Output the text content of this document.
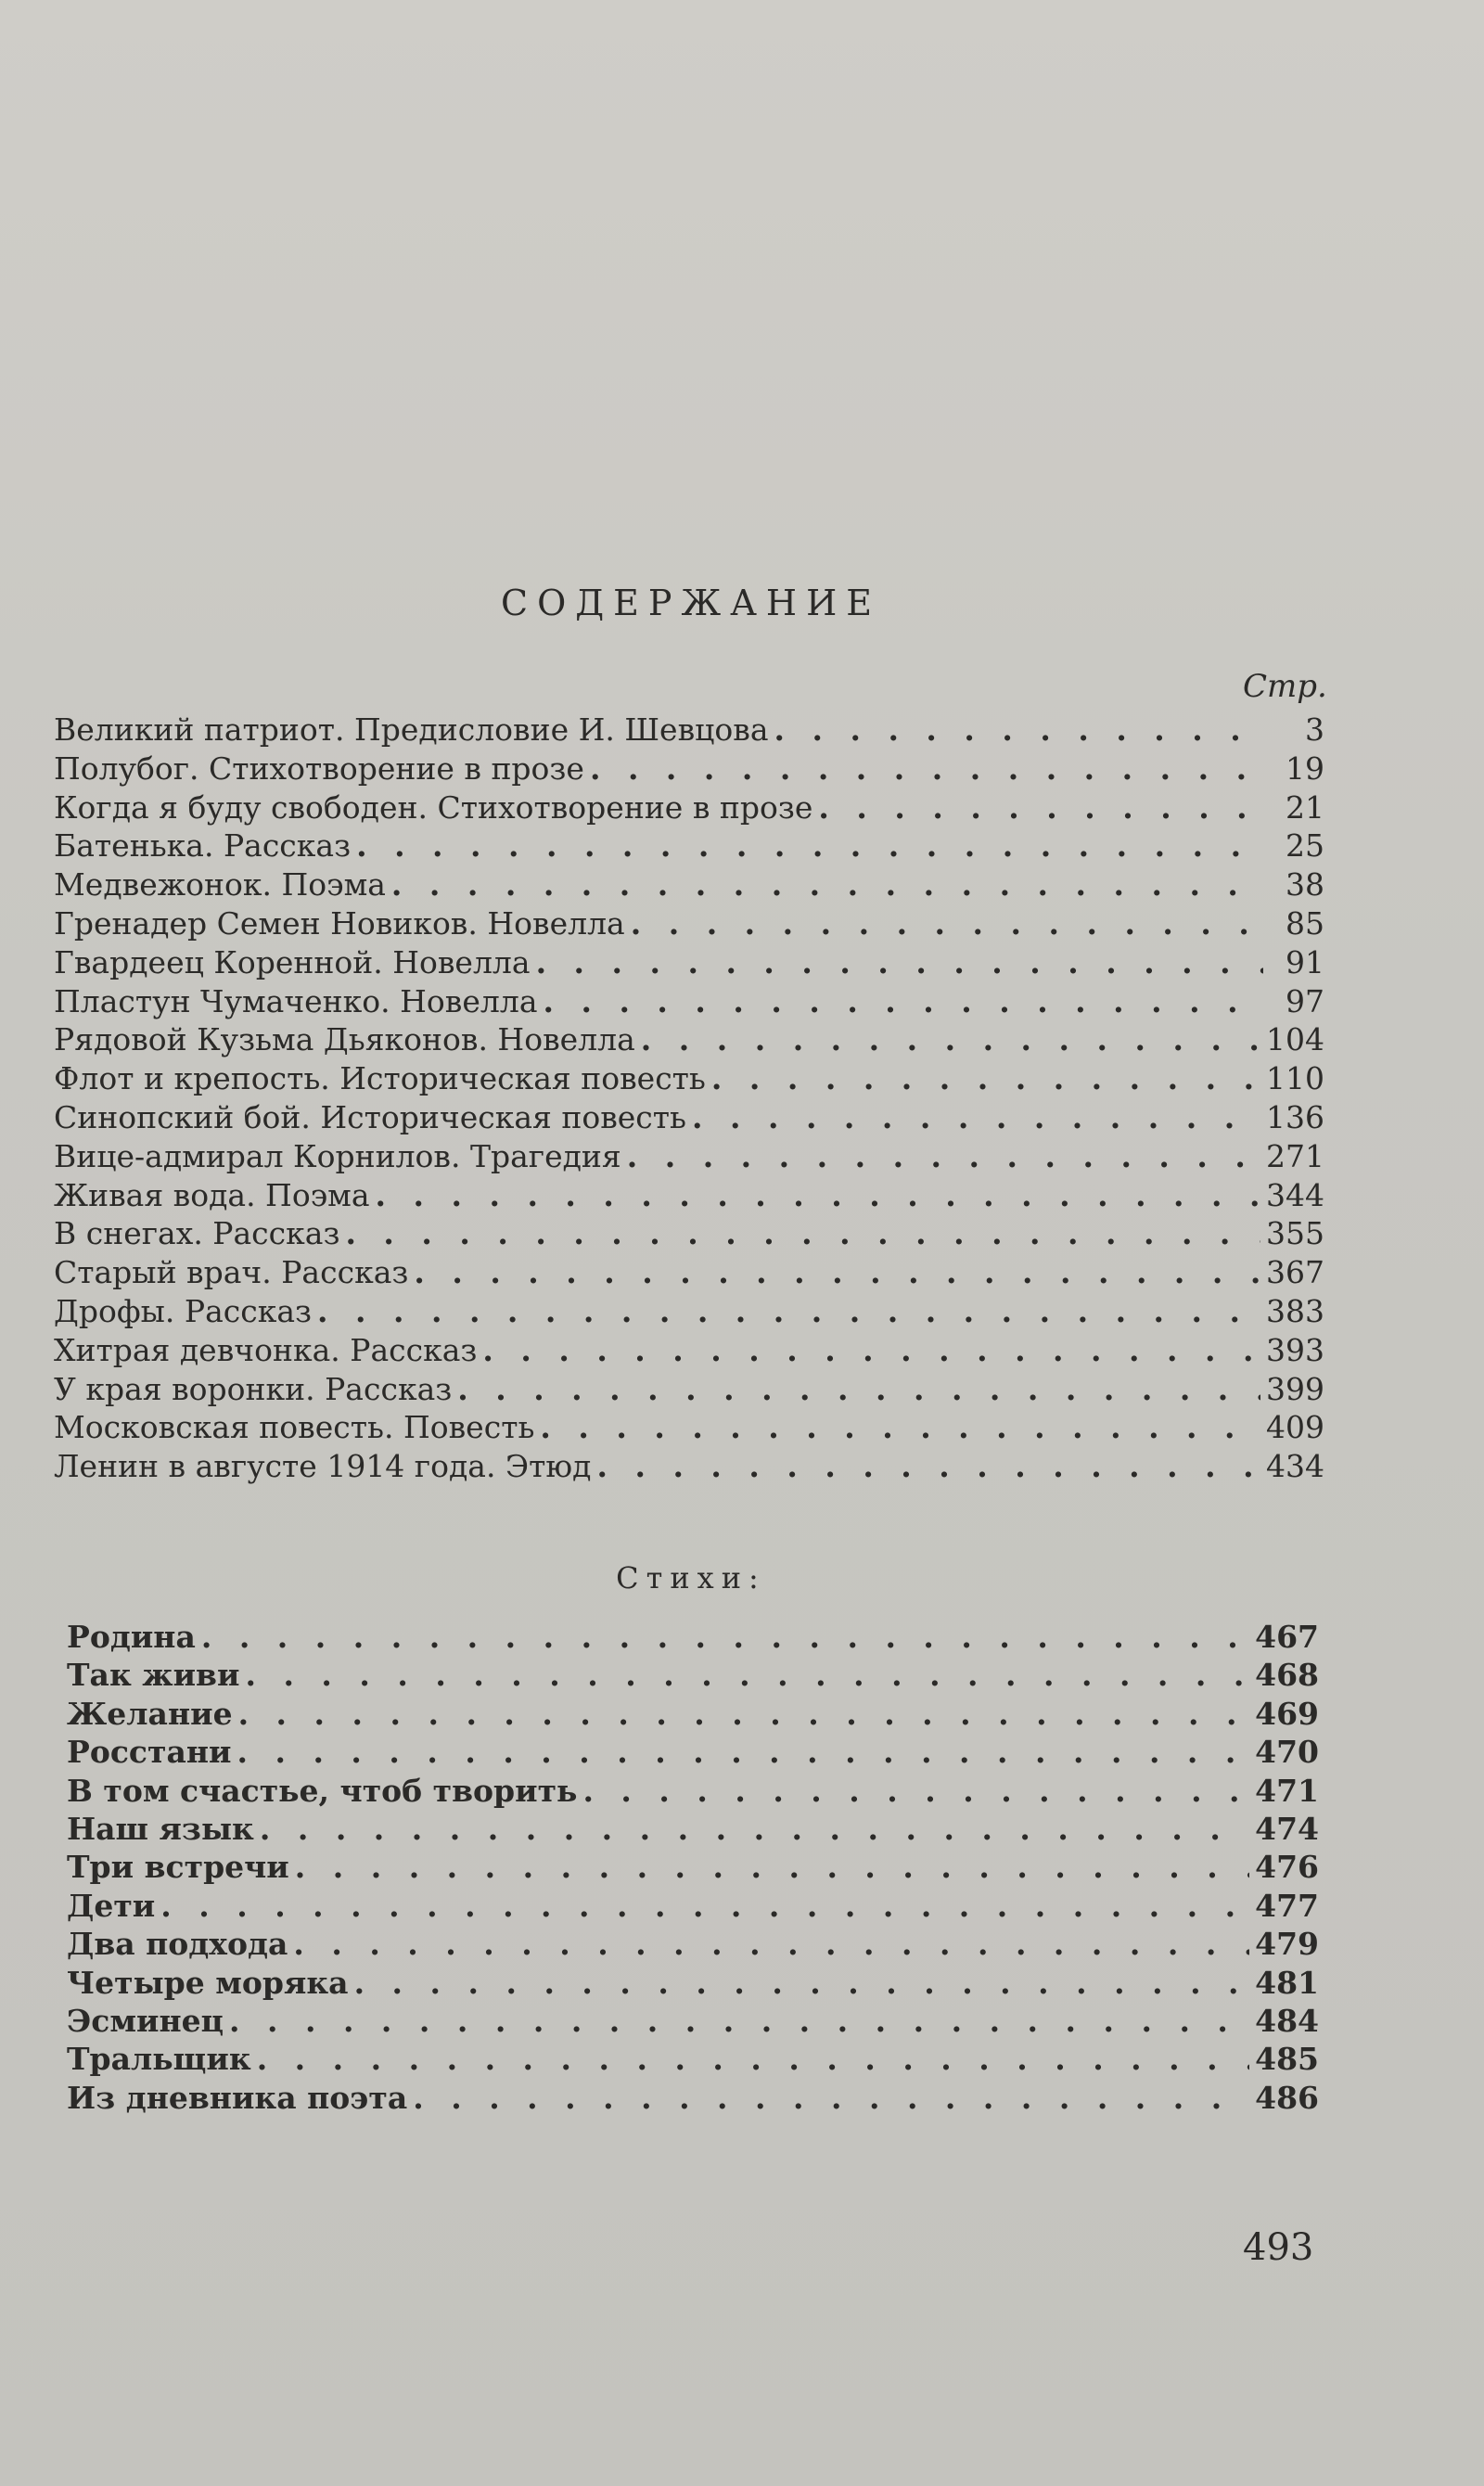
СОДЕРЖАНИЕ
Стр.
Великий патриот. Предисловие И. Шевцова . . .	3
Полубог. Стихотворение в прозе . . .	19
Когда я буду свободен. Стихотворение в прозе . . .	21
Батенька. Рассказ . . .	25
Медвежонок. Поэма . . .	38
Гренадер Семен Новиков. Новелла . . .	85
Гвардеец Коренной. Новелла . . .	91
Пластун Чумаченко. Новелла . . .	97
Рядовой Кузьма Дьяконов. Новелла . . .	104
Флот и крепость. Историческая повесть . . .	110
Синопский бой. Историческая повесть . . .	136
Вице-адмирал Корнилов. Трагедия . . .	271
Живая вода. Поэма . . .	344
В снегах. Рассказ . . .	355
Старый врач. Рассказ . . .	367
Дрофы. Рассказ . . .	383
Хитрая девчонка. Рассказ . . .	393
У края воронки. Рассказ . . .	399
Московская повесть. Повесть . . .	409
Ленин в августе 1914 года. Этюд . . .	434
Стихи:
Родина . . .	467
Так живи . . .	468
Желание . . .	469
Росстани . . .	470
В том счастье, чтоб творить . . .	471
Наш язык . . .	474
Три встречи . . .	476
Дети . . .	477
Два подхода . . .	479
Четыре моряка . . .	481
Эсминец . . .	484
Тральщик . . .	485
Из дневника поэта . . .	486
493
